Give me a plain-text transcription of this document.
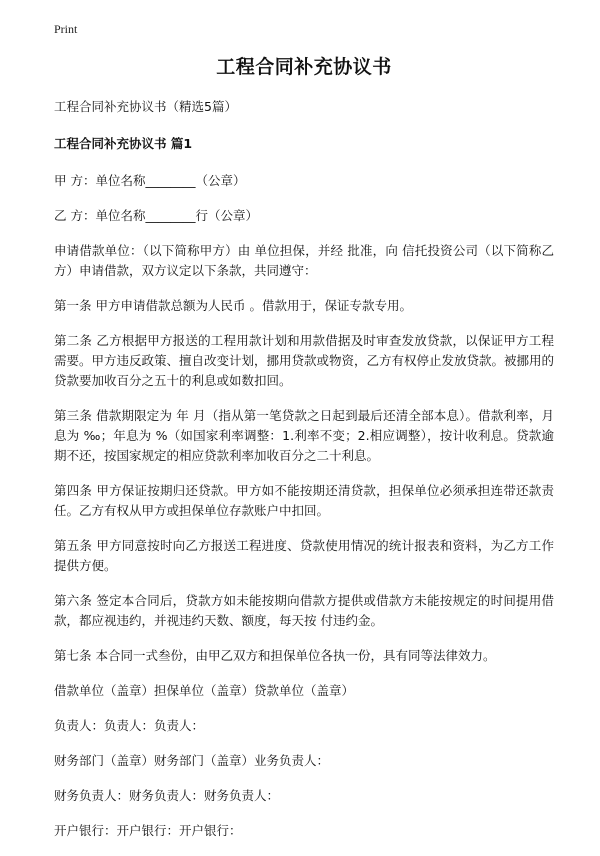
Print
工程合同补充协议书
工程合同补充协议书（精选5篇）
工程合同补充协议书 篇1

甲 方：单位名称________（公章）

乙 方：单位名称________行（公章）

申请借款单位：（以下简称甲方）由 单位担保，并经 批准，向 信托投资公司（以下简称乙方）申请借款，双方议定以下条款，共同遵守：

第一条 甲方申请借款总额为人民币 。借款用于，保证专款专用。

第二条 乙方根据甲方报送的工程用款计划和用款借据及时审查发放贷款，以保证甲方工程需要。甲方违反政策、擅自改变计划，挪用贷款或物资，乙方有权停止发放贷款。被挪用的贷款要加收百分之五十的利息或如数扣回。

第三条 借款期限定为 年 月（指从第一笔贷款之日起到最后还清全部本息）。借款利率，月息为 ‰；年息为 %（如国家利率调整：1.利率不变；2.相应调整），按计收利息。贷款逾期不还，按国家规定的相应贷款利率加收百分之二十利息。

第四条 甲方保证按期归还贷款。甲方如不能按期还清贷款，担保单位必须承担连带还款责任。乙方有权从甲方或担保单位存款账户中扣回。

第五条 甲方同意按时向乙方报送工程进度、贷款使用情况的统计报表和资料，为乙方工作提供方便。

第六条 签定本合同后，贷款方如未能按期向借款方提供或借款方未能按规定的时间提用借款，都应视违约，并视违约天数、额度，每天按 付违约金。

第七条 本合同一式叁份，由甲乙双方和担保单位各执一份，具有同等法律效力。

借款单位（盖章）担保单位（盖章）贷款单位（盖章）

负责人：负责人：负责人：

财务部门（盖章）财务部门（盖章）业务负责人：

财务负责人：财务负责人：财务负责人：

开户银行：开户银行：开户银行：
